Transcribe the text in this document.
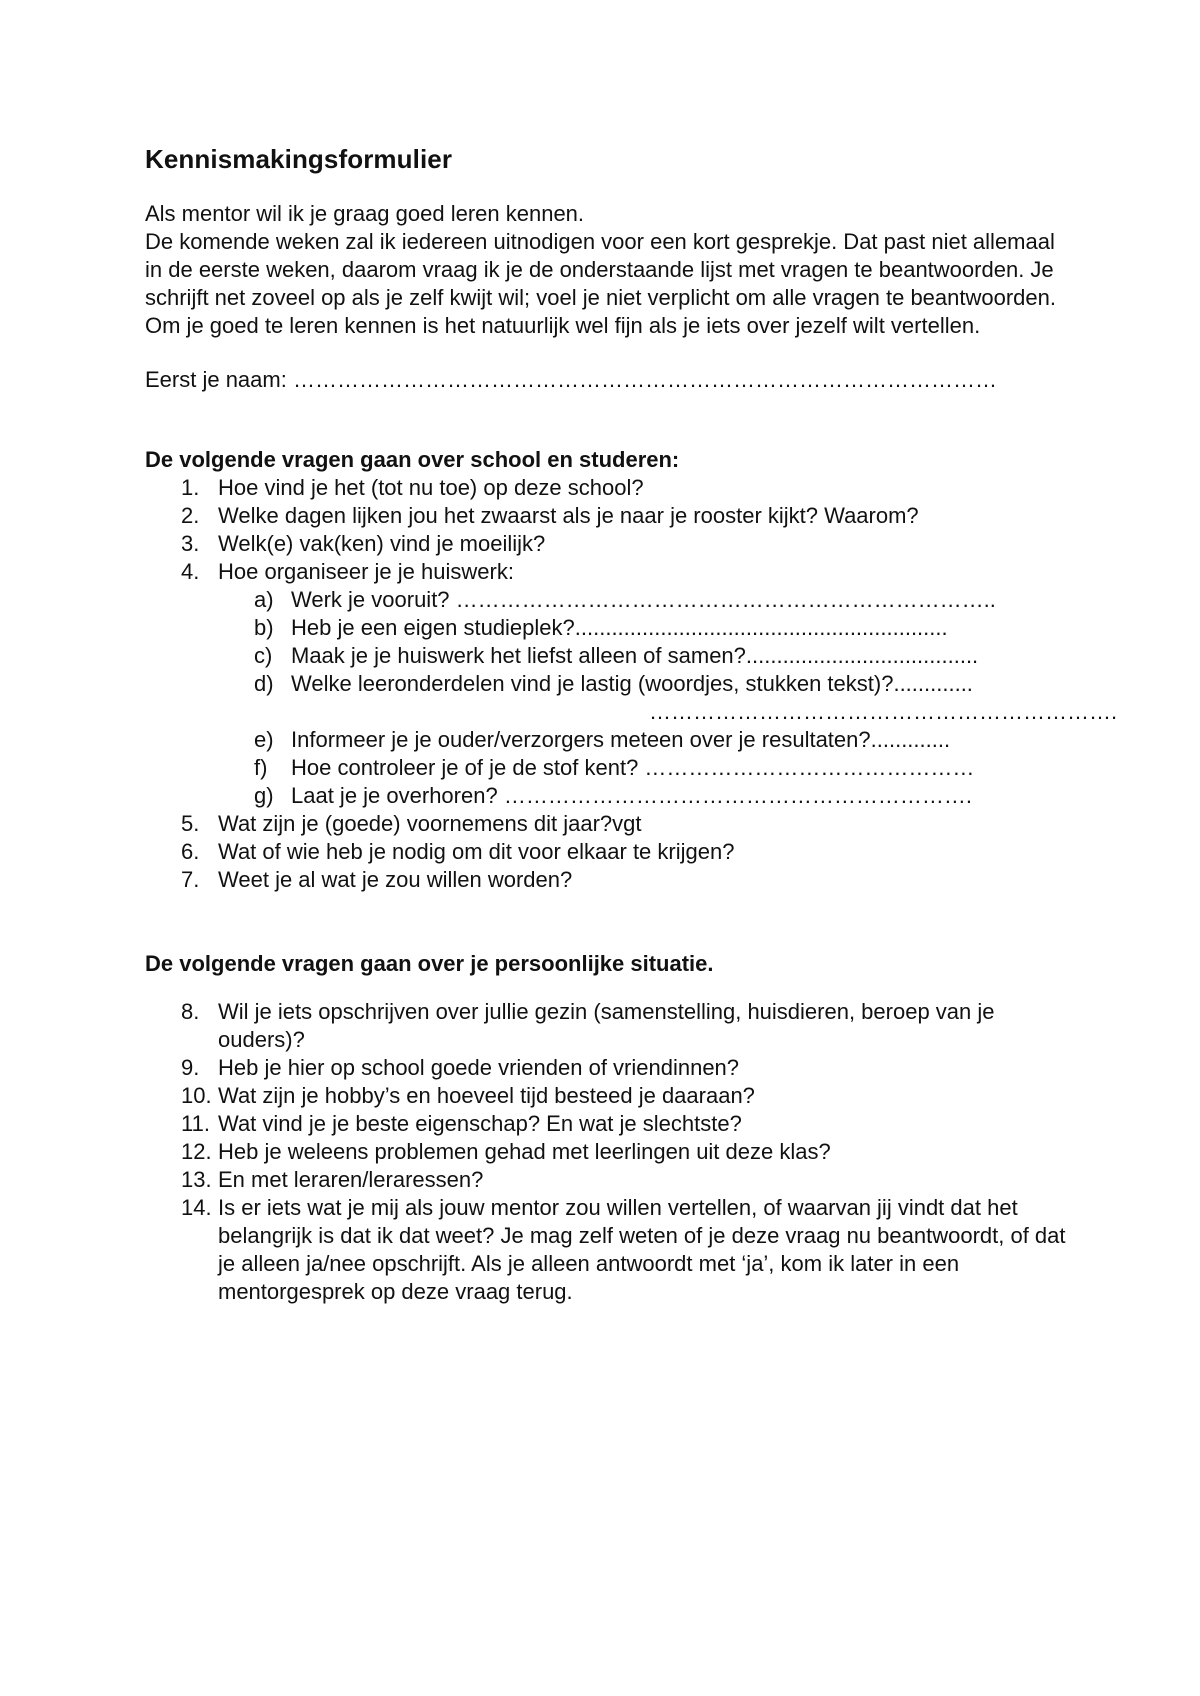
Kennismakingsformulier

Als mentor wil ik je graag goed leren kennen.

De komende weken zal ik iedereen uitnodigen voor een kort gesprekje. Dat past niet allemaal in de eerste weken, daarom vraag ik je de onderstaande lijst met vragen te beantwoorden. Je schrijft net zoveel op als je zelf kwijt wil; voel je niet verplicht om alle vragen te beantwoorden. Om je goed te leren kennen is het natuurlijk wel fijn als je iets over jezelf wilt vertellen.

Eerst je naam: ……………………………………………………………………………………

De volgende vragen gaan over school en studeren:

1. Hoe vind je het (tot nu toe) op deze school?
2. Welke dagen lijken jou het zwaarst als je naar je rooster kijkt? Waarom?
3. Welk(e) vak(ken) vind je moeilijk?
4. Hoe organiseer je je huiswerk:
a) Werk je vooruit? ………………………………………………………………..
b) Heb je een eigen studieplek?.............................................................
c) Maak je je huiswerk het liefst alleen of samen?......................................
d) Welke leeronderdelen vind je lastig (woordjes, stukken tekst)?.............
……………………………………………………….
e) Informeer je je ouder/verzorgers meteen over je resultaten?.............
f) Hoe controleer je of je de stof kent? ………………………………………
g) Laat je je overhoren? ……………………………………………………….
5. Wat zijn je (goede) voornemens dit jaar?vgt
6. Wat of wie heb je nodig om dit voor elkaar te krijgen?
7. Weet je al wat je zou willen worden?

De volgende vragen gaan over je persoonlijke situatie.

8. Wil je iets opschrijven over jullie gezin (samenstelling, huisdieren, beroep van je ouders)?
9. Heb je hier op school goede vrienden of vriendinnen?
10. Wat zijn je hobby’s en hoeveel tijd besteed je daaraan?
11. Wat vind je je beste eigenschap? En wat je slechtste?
12. Heb je weleens problemen gehad met leerlingen uit deze klas?
13. En met leraren/leraressen?
14. Is er iets wat je mij als jouw mentor zou willen vertellen, of waarvan jij vindt dat het belangrijk is dat ik dat weet? Je mag zelf weten of je deze vraag nu beantwoordt, of dat je alleen ja/nee opschrijft. Als je alleen antwoordt met ‘ja’, kom ik later in een mentorgesprek op deze vraag terug.
